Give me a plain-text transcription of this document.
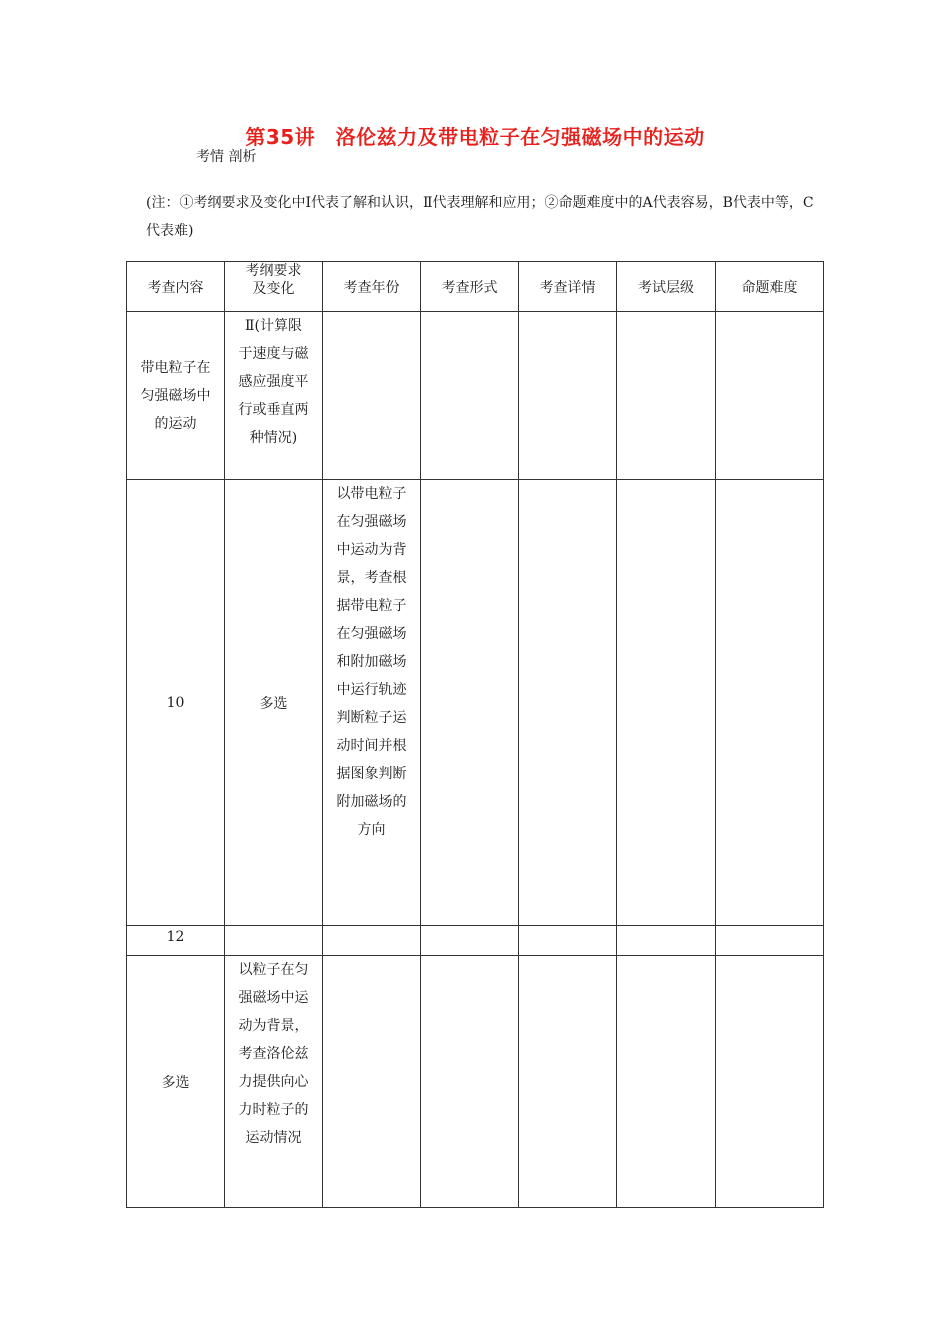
第35讲　洛伦兹力及带电粒子在匀强磁场中的运动
考情 剖析
(注：①考纲要求及变化中Ⅰ代表了解和认识，Ⅱ代表理解和应用；②命题难度中的A代表容易，B代表中等，C代表难)
考查内容	考纲要求及变化	考查年份	考查形式	考查详情	考试层级	命题难度

带电粒子在匀强磁场中的运动	Ⅱ(计算限于速度与磁感应强度平行或垂直两种情况)					

10	多选	以带电粒子在匀强磁场中运动为背景，考查根据带电粒子在匀强磁场和附加磁场中运行轨迹判断粒子运动时间并根据图象判断附加磁场的方向				

12						

多选	以粒子在匀强磁场中运动为背景，考查洛伦兹力提供向心力时粒子的运动情况					
